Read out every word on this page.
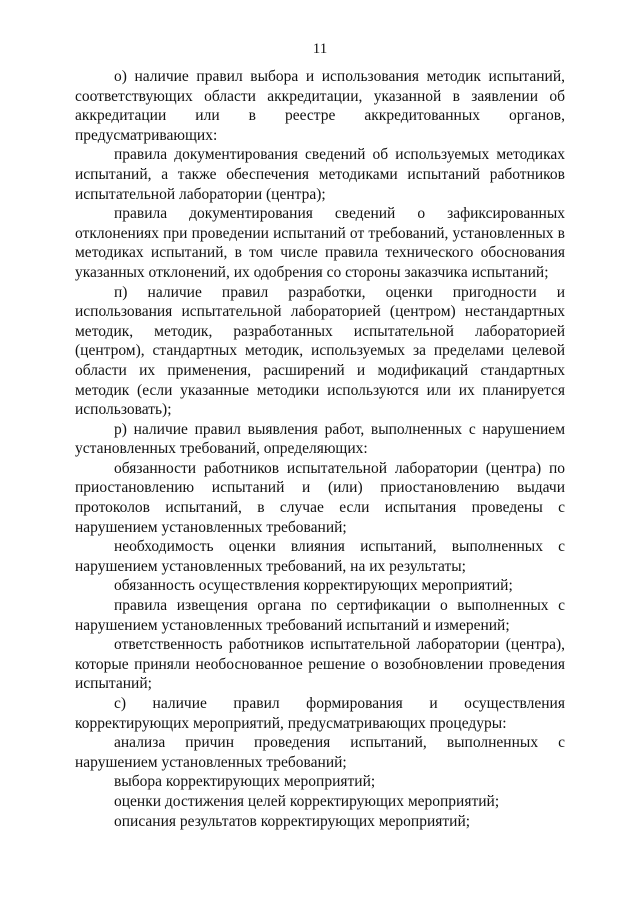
11

о) наличие правил выбора и использования методик испытаний, соответствующих области аккредитации, указанной в заявлении об аккредитации или в реестре аккредитованных органов, предусматривающих:

правила документирования сведений об используемых методиках испытаний, а также обеспечения методиками испытаний работников испытательной лаборатории (центра);

правила документирования сведений о зафиксированных отклонениях при проведении испытаний от требований, установленных в методиках испытаний, в том числе правила технического обоснования указанных отклонений, их одобрения со стороны заказчика испытаний;

п) наличие правил разработки, оценки пригодности и использования испытательной лабораторией (центром) нестандартных методик, методик, разработанных испытательной лабораторией (центром), стандартных методик, используемых за пределами целевой области их применения, расширений и модификаций стандартных методик (если указанные методики используются или их планируется использовать);

р) наличие правил выявления работ, выполненных с нарушением установленных требований, определяющих:

обязанности работников испытательной лаборатории (центра) по приостановлению испытаний и (или) приостановлению выдачи протоколов испытаний, в случае если испытания проведены с нарушением установленных требований;

необходимость оценки влияния испытаний, выполненных с нарушением установленных требований, на их результаты;

обязанность осуществления корректирующих мероприятий;

правила извещения органа по сертификации о выполненных с нарушением установленных требований испытаний и измерений;

ответственность работников испытательной лаборатории (центра), которые приняли необоснованное решение о возобновлении проведения испытаний;

с) наличие правил формирования и осуществления корректирующих мероприятий, предусматривающих процедуры:

анализа причин проведения испытаний, выполненных с нарушением установленных требований;

выбора корректирующих мероприятий;

оценки достижения целей корректирующих мероприятий;

описания результатов корректирующих мероприятий;
